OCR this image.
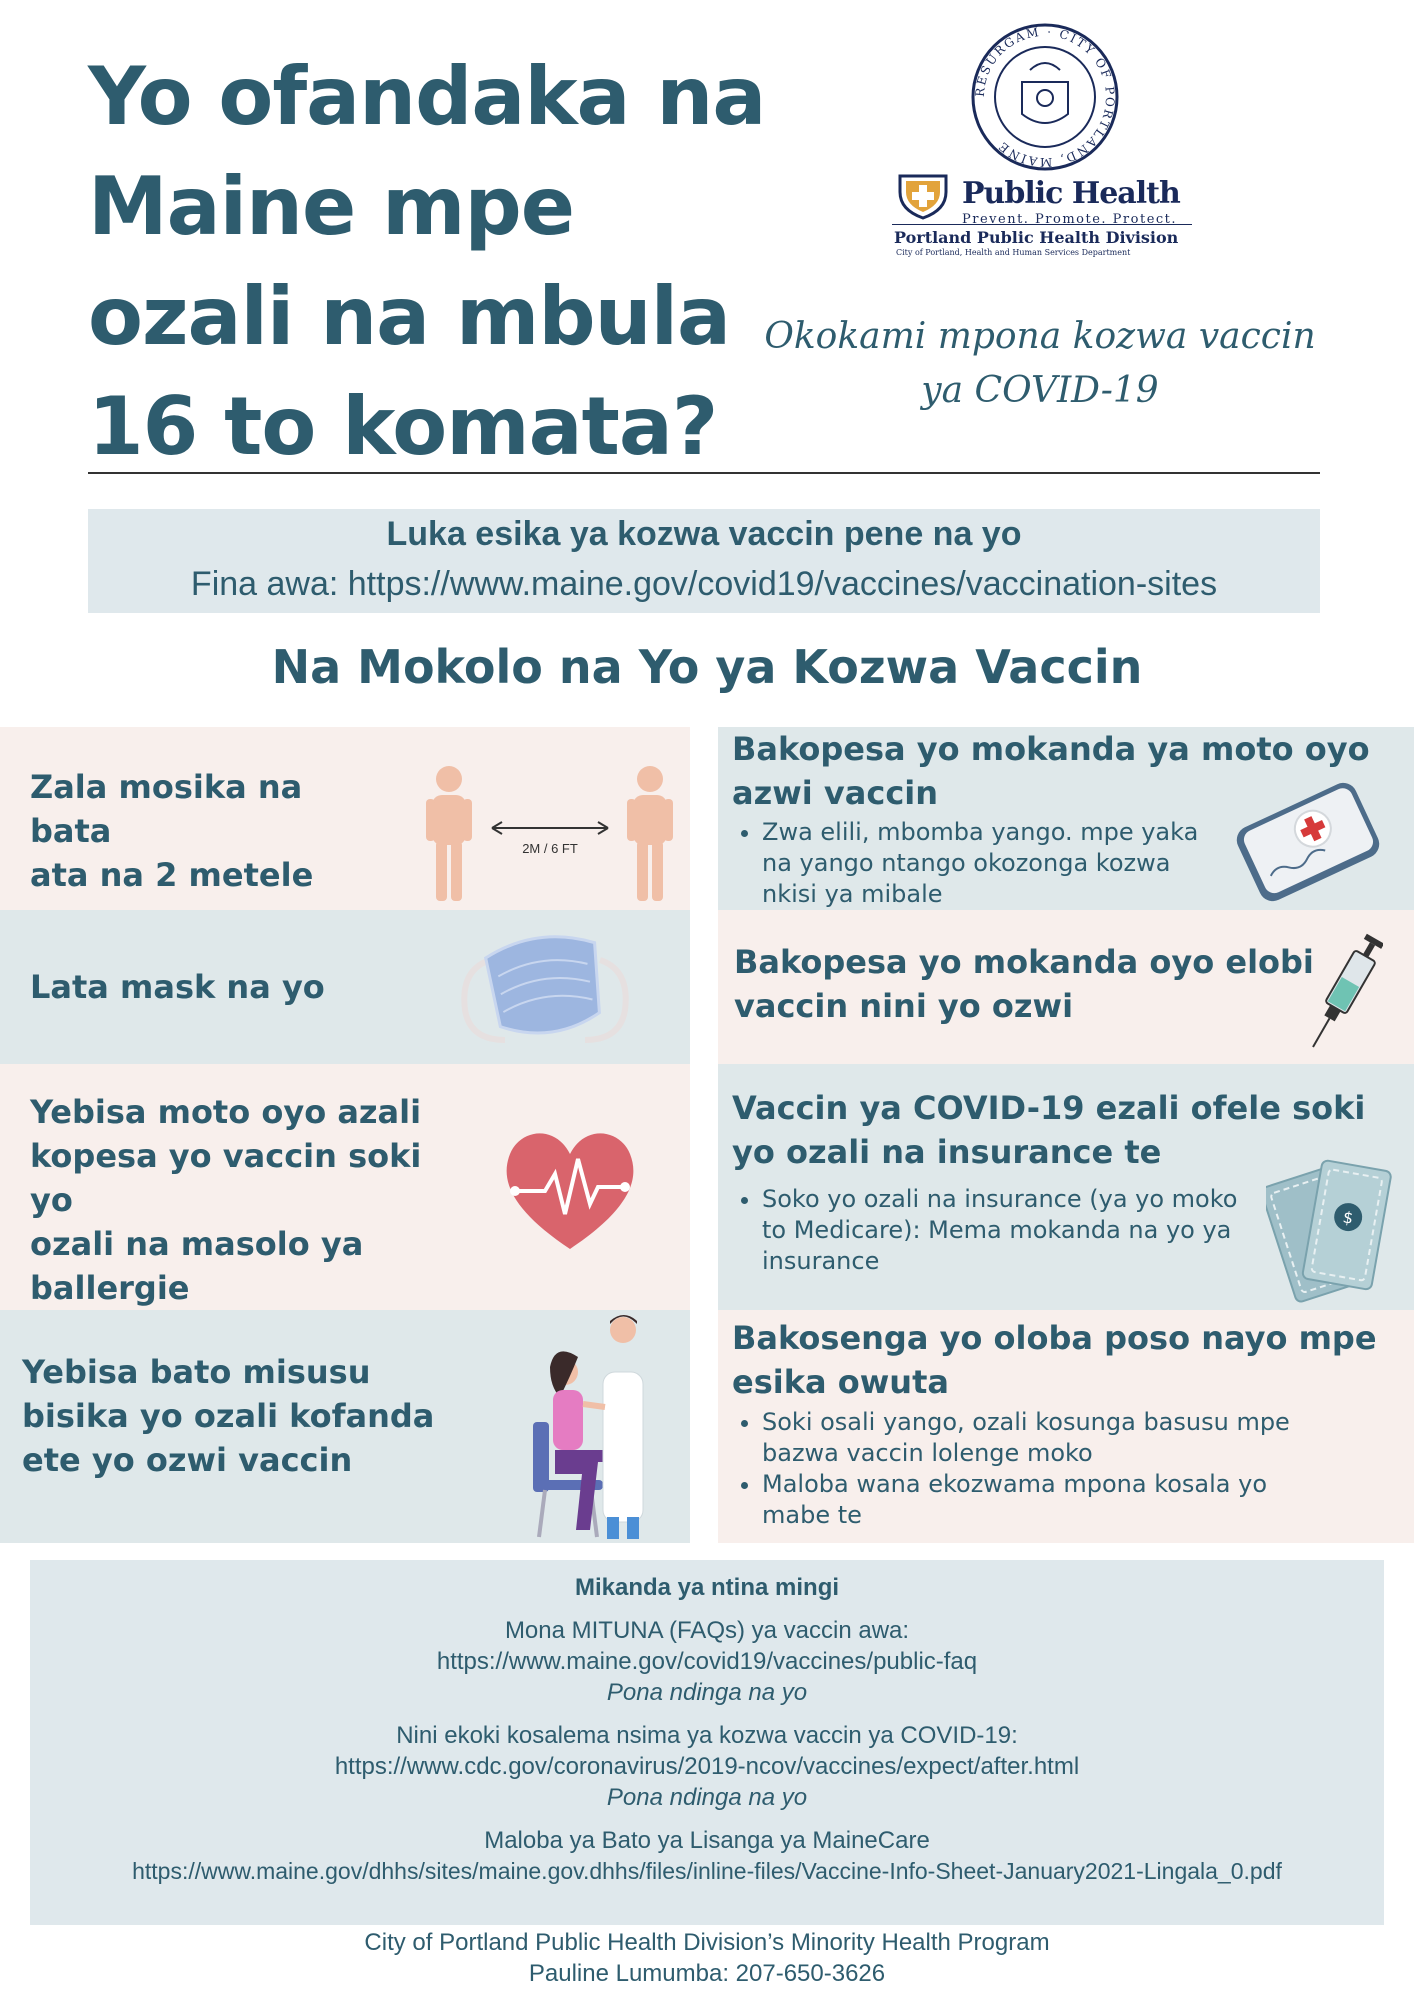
Yo ofandaka na
Maine mpe
ozali na mbula
16 to komata?
RESURGAM · CITY OF PORTLAND, MAINE
Public Health
Prevent. Promote. Protect.
Portland Public Health Division
City of Portland, Health and Human Services Department
Okokami mpona kozwa vaccin
ya COVID-19
Luka esika ya kozwa vaccin pene na yo
Fina awa: https://www.maine.gov/covid19/vaccines/vaccination-sites
Na Mokolo na Yo ya Kozwa Vaccin
Zala mosika na bata
ata na 2 metele
2M / 6 FT
Lata mask na yo
Yebisa moto oyo azali
kopesa yo vaccin soki yo
ozali na masolo ya
ballergie
Yebisa bato misusu
bisika yo ozali kofanda
ete yo ozwi vaccin
Bakopesa yo mokanda ya moto oyo
azwi vaccin
• Zwa elili, mbomba yango. mpe yaka
na yango ntango okozonga kozwa
nkisi ya mibale
Bakopesa yo mokanda oyo elobi
vaccin nini yo ozwi
Vaccin ya COVID-19 ezali ofele soki
yo ozali na insurance te
• Soko yo ozali na insurance (ya yo moko
to Medicare): Mema mokanda na yo ya
insurance
$
Bakosenga yo oloba poso nayo mpe
esika owuta
• Soki osali yango, ozali kosunga basusu mpe
bazwa vaccin lolenge moko
• Maloba wana ekozwama mpona kosala yo
mabe te
Mikanda ya ntina mingi
Mona MITUNA (FAQs) ya vaccin awa:
https://www.maine.gov/covid19/vaccines/public-faq
Pona ndinga na yo
Nini ekoki kosalema nsima ya kozwa vaccin ya COVID-19:
https://www.cdc.gov/coronavirus/2019-ncov/vaccines/expect/after.html
Pona ndinga na yo
Maloba ya Bato ya Lisanga ya MaineCare
https://www.maine.gov/dhhs/sites/maine.gov.dhhs/files/inline-files/Vaccine-Info-Sheet-January2021-Lingala_0.pdf
City of Portland Public Health Division’s Minority Health Program
Pauline Lumumba: 207-650-3626
